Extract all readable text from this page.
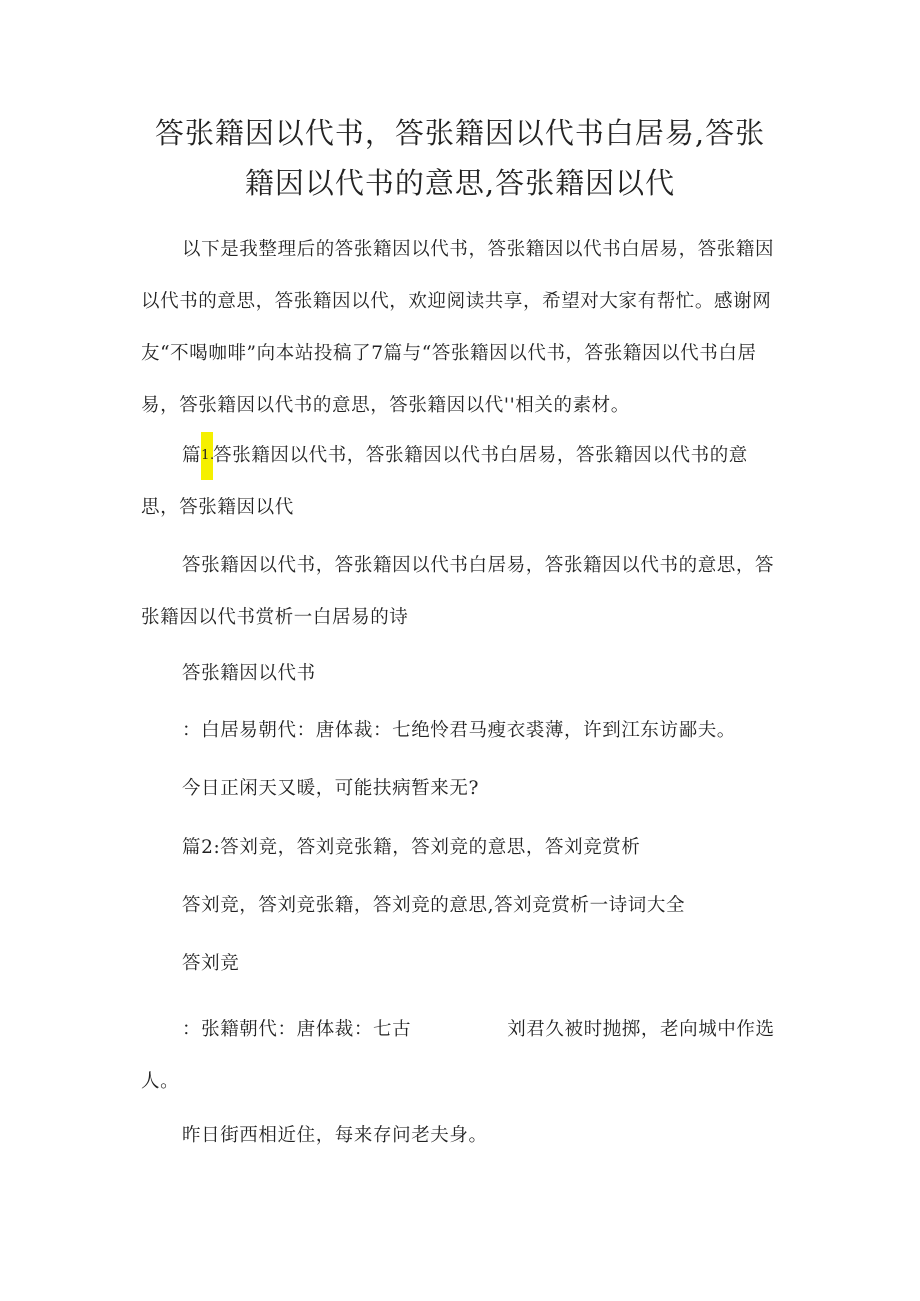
答张籍因以代书，答张籍因以代书白居易,答张籍因以代书的意思,答张籍因以代

以下是我整理后的答张籍因以代书，答张籍因以代书白居易，答张籍因以代书的意思，答张籍因以代，欢迎阅读共享，希望对大家有帮忙。感谢网友“不喝咖啡”向本站投稿了7篇与“答张籍因以代书，答张籍因以代书白居易，答张籍因以代书的意思，答张籍因以代''相关的素材。

篇1.答张籍因以代书，答张籍因以代书白居易，答张籍因以代书的意思，答张籍因以代

答张籍因以代书，答张籍因以代书白居易，答张籍因以代书的意思，答张籍因以代书赏析一白居易的诗

答张籍因以代书

：白居易朝代：唐体裁：七绝怜君马瘦衣裘薄，许到江东访鄙夫。

今日正闲天又暖，可能扶病暂来无?

篇2:答刘竞，答刘竞张籍，答刘竞的意思，答刘竞赏析

答刘竞，答刘竞张籍，答刘竞的意思,答刘竞赏析一诗词大全

答刘竞

：张籍朝代：唐体裁：七古	刘君久被时抛掷，老向城中作选人。

昨日街西相近住，每来存问老夫身。
